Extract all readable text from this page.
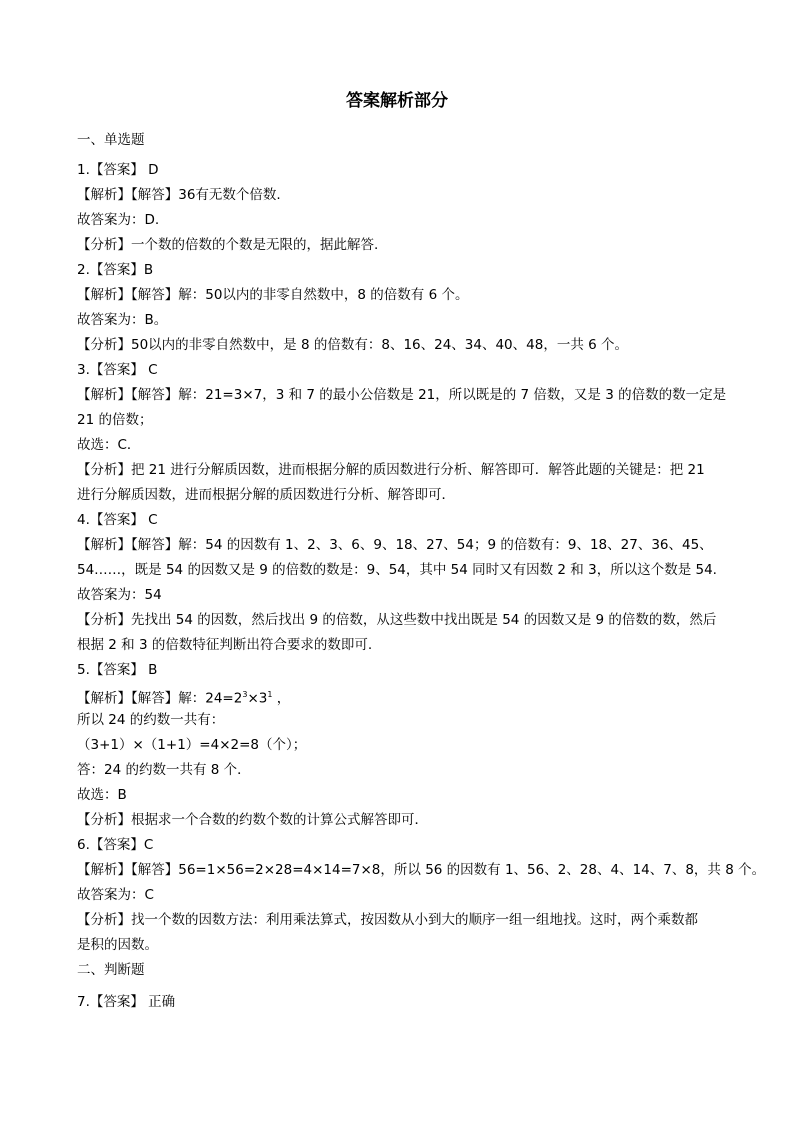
答案解析部分
一、单选题
1.【答案】 D
【解析】【解答】36有无数个倍数.
故答案为：D.
【分析】一个数的倍数的个数是无限的，据此解答.
2.【答案】B
【解析】【解答】解：50以内的非零自然数中，8 的倍数有 6 个。
故答案为：B。
【分析】50以内的非零自然数中，是 8 的倍数有：8、16、24、34、40、48，一共 6 个。
3.【答案】 C
【解析】【解答】解：21=3×7，3 和 7 的最小公倍数是 21，所以既是的 7 倍数，又是 3 的倍数的数一定是
21 的倍数；
故选：C．
【分析】把 21 进行分解质因数，进而根据分解的质因数进行分析、解答即可．解答此题的关键是：把 21
进行分解质因数，进而根据分解的质因数进行分析、解答即可．
4.【答案】 C
【解析】【解答】解：54 的因数有 1、2、3、6、9、18、27、54；9 的倍数有：9、18、27、36、45、
54……，既是 54 的因数又是 9 的倍数的数是：9、54，其中 54 同时又有因数 2 和 3，所以这个数是 54.
故答案为：54
【分析】先找出 54 的因数，然后找出 9 的倍数，从这些数中找出既是 54 的因数又是 9 的倍数的数，然后
根据 2 和 3 的倍数特征判断出符合要求的数即可.
5.【答案】 B
【解析】【解答】解：$24=2^3\times 3^1$ ，
所以 24 的约数一共有：
（3+1）×（1+1）=4×2=8（个）；
答：24 的约数一共有 8 个．
故选：B
【分析】根据求一个合数的约数个数的计算公式解答即可．
6.【答案】C
【解析】【解答】56=1×56=2×28=4×14=7×8，所以 56 的因数有 1、56、2、28、4、14、7、8，共 8 个。
故答案为：C
【分析】找一个数的因数方法：利用乘法算式，按因数从小到大的顺序一组一组地找。这时，两个乘数都
是积的因数。
二、判断题
7.【答案】 正确
